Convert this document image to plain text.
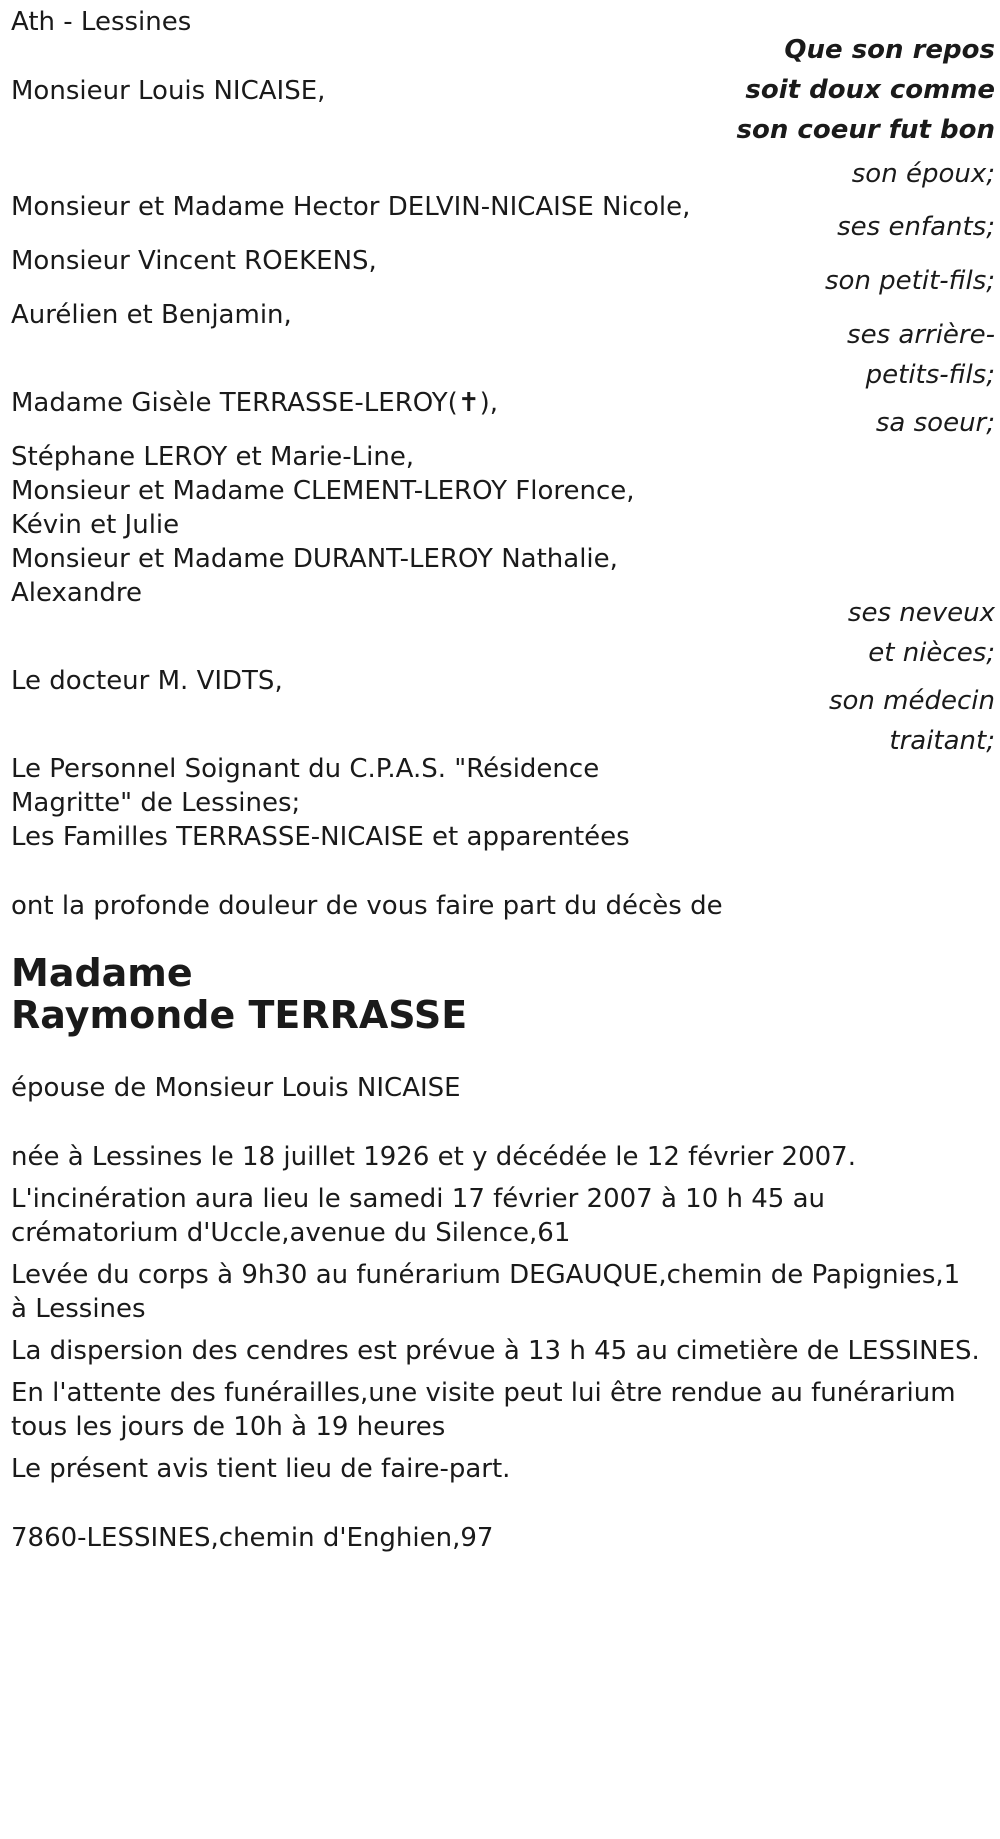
Ath - Lessines
Que son repos soit doux comme son coeur fut bon
Monsieur Louis NICAISE,
son époux;
Monsieur et Madame Hector DELVIN-NICAISE Nicole,
ses enfants;
Monsieur Vincent ROEKENS,
son petit-fils;
Aurélien et Benjamin,
ses arrière-petits-fils;
Madame Gisèle TERRASSE-LEROY(✝),
sa soeur;
Stéphane LEROY et Marie-Line,
Monsieur et Madame CLEMENT-LEROY Florence,
Kévin et Julie
Monsieur et Madame DURANT-LEROY Nathalie,
Alexandre
ses neveux et nièces;
Le docteur M. VIDTS,
son médecin traitant;
Le Personnel Soignant du C.P.A.S. "Résidence
Magritte" de Lessines;
Les Familles TERRASSE-NICAISE et apparentées
ont la profonde douleur de vous faire part du décès de
Madame
Raymonde TERRASSE
épouse de Monsieur Louis NICAISE
née à Lessines le 18 juillet 1926 et y décédée le 12 février 2007.
L'incinération aura lieu le samedi 17 février 2007 à 10 h 45 au
crématorium d'Uccle,avenue du Silence,61
Levée du corps à 9h30 au funérarium DEGAUQUE,chemin de Papignies,1
à Lessines
La dispersion des cendres est prévue à 13 h 45 au cimetière de LESSINES.
En l'attente des funérailles,une visite peut lui être rendue au funérarium
tous les jours de 10h à 19 heures
Le présent avis tient lieu de faire-part.
7860-LESSINES,chemin d'Enghien,97
